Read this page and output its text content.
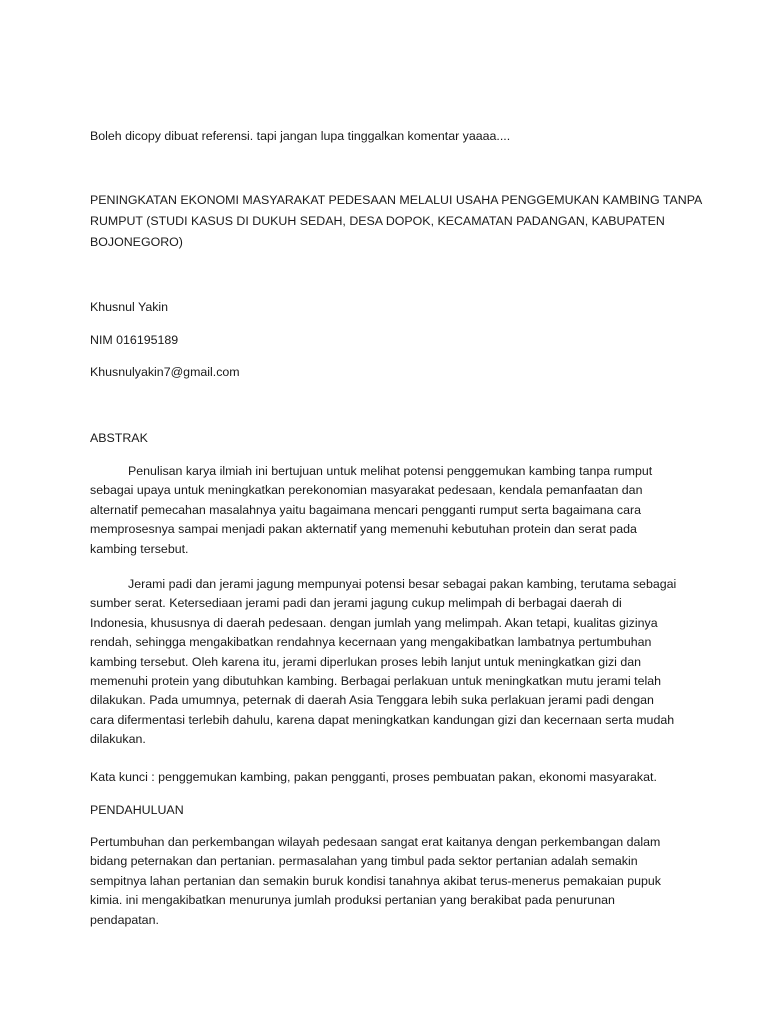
Boleh dicopy dibuat referensi. tapi jangan lupa tinggalkan komentar yaaaa....
PENINGKATAN EKONOMI MASYARAKAT PEDESAAN MELALUI USAHA PENGGEMUKAN KAMBING TANPA
RUMPUT (STUDI KASUS DI DUKUH SEDAH, DESA DOPOK, KECAMATAN PADANGAN, KABUPATEN
BOJONEGORO)
Khusnul Yakin
NIM 016195189
Khusnulyakin7@gmail.com
ABSTRAK

Penulisan karya ilmiah ini bertujuan untuk melihat potensi penggemukan kambing tanpa rumput sebagai upaya untuk meningkatkan perekonomian masyarakat pedesaan, kendala pemanfaatan dan alternatif pemecahan masalahnya yaitu bagaimana mencari pengganti rumput serta bagaimana cara memprosesnya sampai menjadi pakan akternatif yang memenuhi kebutuhan protein dan serat pada kambing tersebut.

Jerami padi dan jerami jagung mempunyai potensi besar sebagai pakan kambing, terutama sebagai sumber serat. Ketersediaan jerami padi dan jerami jagung cukup melimpah di berbagai daerah di Indonesia, khususnya di daerah pedesaan. dengan jumlah yang melimpah. Akan tetapi, kualitas gizinya rendah, sehingga mengakibatkan rendahnya kecernaan yang mengakibatkan lambatnya pertumbuhan kambing tersebut. Oleh karena itu, jerami diperlukan proses lebih lanjut untuk meningkatkan gizi dan memenuhi protein yang dibutuhkan kambing. Berbagai perlakuan untuk meningkatkan mutu jerami telah dilakukan. Pada umumnya, peternak di daerah Asia Tenggara lebih suka perlakuan jerami padi dengan cara difermentasi terlebih dahulu, karena dapat meningkatkan kandungan gizi dan kecernaan serta mudah dilakukan.

Kata kunci : penggemukan kambing, pakan pengganti, proses pembuatan pakan, ekonomi masyarakat.
PENDAHULUAN

Pertumbuhan dan perkembangan wilayah pedesaan sangat erat kaitanya dengan perkembangan dalam bidang peternakan dan pertanian. permasalahan yang timbul pada sektor pertanian adalah semakin sempitnya lahan pertanian dan semakin buruk kondisi tanahnya akibat terus-menerus pemakaian pupuk kimia. ini mengakibatkan menurunya jumlah produksi pertanian yang berakibat pada penurunan pendapatan.
